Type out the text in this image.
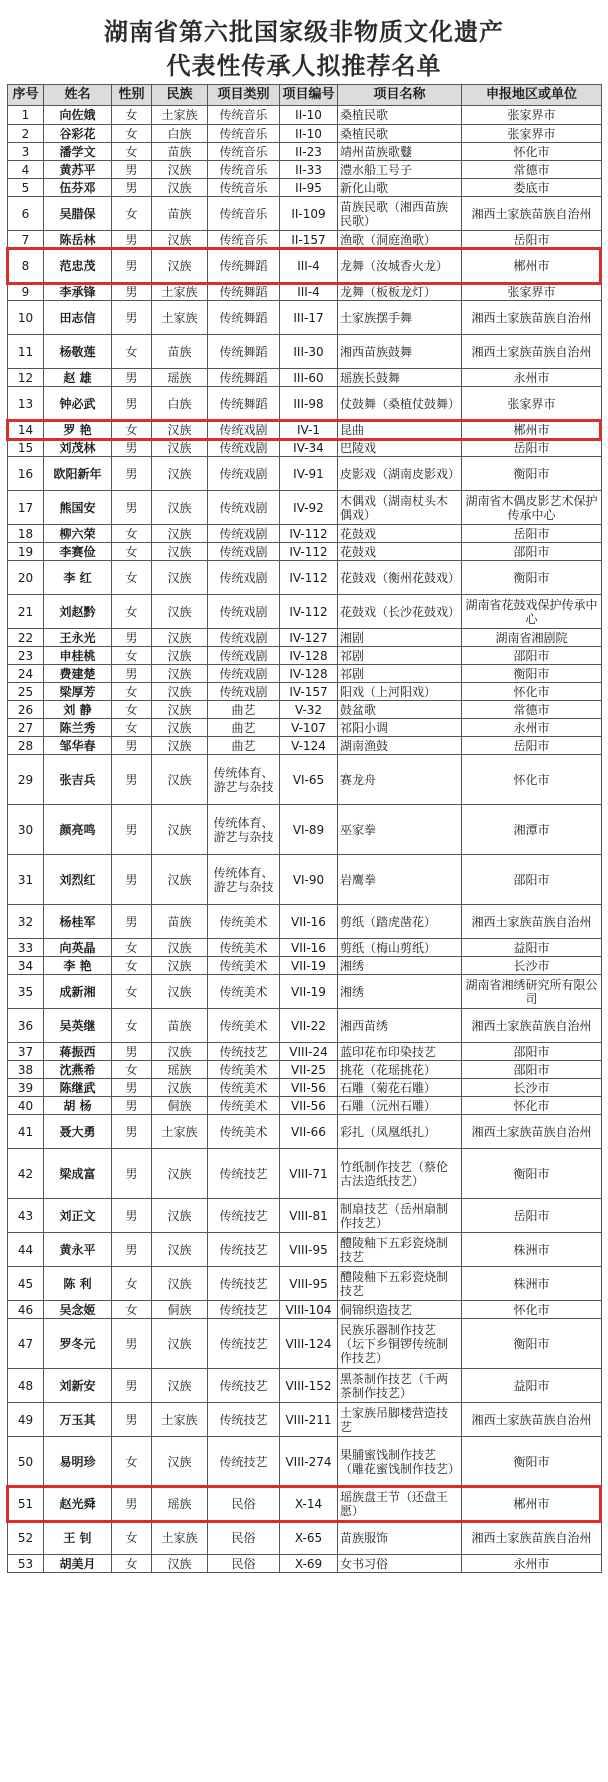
湖南省第六批国家级非物质文化遗产
代表性传承人拟推荐名单
序号	姓名	性别	民族	项目类别	项目编号	项目名称	申报地区或单位
1	向佐娥	女	土家族	传统音乐	II-10	桑植民歌	张家界市
2	谷彩花	女	白族	传统音乐	II-10	桑植民歌	张家界市
3	潘学文	女	苗族	传统音乐	II-23	靖州苗族歌鼟	怀化市
4	黄苏平	男	汉族	传统音乐	II-33	澧水船工号子	常德市
5	伍芬邓	男	汉族	传统音乐	II-95	新化山歌	娄底市
6	吴腊保	女	苗族	传统音乐	II-109	苗族民歌（湘西苗族民歌）	湘西土家族苗族自治州
7	陈岳林	男	汉族	传统音乐	II-157	渔歌（洞庭渔歌）	岳阳市
8	范忠茂	男	汉族	传统舞蹈	III-4	龙舞（汝城香火龙）	郴州市
9	李承锋	男	土家族	传统舞蹈	III-4	龙舞（板板龙灯）	张家界市
10	田志信	男	土家族	传统舞蹈	III-17	土家族摆手舞	湘西土家族苗族自治州
11	杨敬莲	女	苗族	传统舞蹈	III-30	湘西苗族鼓舞	湘西土家族苗族自治州
12	赵 雄	男	瑶族	传统舞蹈	III-60	瑶族长鼓舞	永州市
13	钟必武	男	白族	传统舞蹈	III-98	仗鼓舞（桑植仗鼓舞）	张家界市
14	罗 艳	女	汉族	传统戏剧	IV-1	昆曲	郴州市
15	刘茂林	男	汉族	传统戏剧	IV-34	巴陵戏	岳阳市
16	欧阳新年	男	汉族	传统戏剧	IV-91	皮影戏（湖南皮影戏）	衡阳市
17	熊国安	男	汉族	传统戏剧	IV-92	木偶戏（湖南杖头木偶戏）	湖南省木偶皮影艺术保护传承中心
18	柳六荣	女	汉族	传统戏剧	IV-112	花鼓戏	岳阳市
19	李赛俭	女	汉族	传统戏剧	IV-112	花鼓戏	邵阳市
20	李 红	女	汉族	传统戏剧	IV-112	花鼓戏（衡州花鼓戏）	衡阳市
21	刘赵黔	女	汉族	传统戏剧	IV-112	花鼓戏（长沙花鼓戏）	湖南省花鼓戏保护传承中心
22	王永光	男	汉族	传统戏剧	IV-127	湘剧	湖南省湘剧院
23	申桂桃	女	汉族	传统戏剧	IV-128	祁剧	邵阳市
24	费建楚	男	汉族	传统戏剧	IV-128	祁剧	衡阳市
25	梁厚芳	女	汉族	传统戏剧	IV-157	阳戏（上河阳戏）	怀化市
26	刘 静	女	汉族	曲艺	V-32	鼓盆歌	常德市
27	陈兰秀	女	汉族	曲艺	V-107	祁阳小调	永州市
28	邹华春	男	汉族	曲艺	V-124	湖南渔鼓	岳阳市
29	张吉兵	男	汉族	传统体育、游艺与杂技	VI-65	赛龙舟	怀化市
30	颜亮鸣	男	汉族	传统体育、游艺与杂技	VI-89	巫家拳	湘潭市
31	刘烈红	男	汉族	传统体育、游艺与杂技	VI-90	岩鹰拳	邵阳市
32	杨桂军	男	苗族	传统美术	VII-16	剪纸（踏虎凿花）	湘西土家族苗族自治州
33	向英晶	女	汉族	传统美术	VII-16	剪纸（梅山剪纸）	益阳市
34	李 艳	女	汉族	传统美术	VII-19	湘绣	长沙市
35	成新湘	女	汉族	传统美术	VII-19	湘绣	湖南省湘绣研究所有限公司
36	吴英继	女	苗族	传统美术	VII-22	湘西苗绣	湘西土家族苗族自治州
37	蒋振西	男	汉族	传统技艺	VIII-24	蓝印花布印染技艺	邵阳市
38	沈燕希	女	瑶族	传统美术	VII-25	挑花（花瑶挑花）	邵阳市
39	陈继武	男	汉族	传统美术	VII-56	石雕（菊花石雕）	长沙市
40	胡 杨	男	侗族	传统美术	VII-56	石雕（沅州石雕）	怀化市
41	聂大勇	男	土家族	传统美术	VII-66	彩扎（凤凰纸扎）	湘西土家族苗族自治州
42	梁成富	男	汉族	传统技艺	VIII-71	竹纸制作技艺（蔡伦古法造纸技艺）	衡阳市
43	刘正文	男	汉族	传统技艺	VIII-81	制扇技艺（岳州扇制作技艺）	岳阳市
44	黄永平	男	汉族	传统技艺	VIII-95	醴陵釉下五彩瓷烧制技艺	株洲市
45	陈 利	女	汉族	传统技艺	VIII-95	醴陵釉下五彩瓷烧制技艺	株洲市
46	吴念姬	女	侗族	传统技艺	VIII-104	侗锦织造技艺	怀化市
47	罗冬元	男	汉族	传统技艺	VIII-124	民族乐器制作技艺（坛下乡铜锣传统制作技艺）	衡阳市
48	刘新安	男	汉族	传统技艺	VIII-152	黑茶制作技艺（千两茶制作技艺）	益阳市
49	万玉其	男	土家族	传统技艺	VIII-211	土家族吊脚楼营造技艺	湘西土家族苗族自治州
50	易明珍	女	汉族	传统技艺	VIII-274	果脯蜜饯制作技艺（雕花蜜饯制作技艺）	衡阳市
51	赵光舜	男	瑶族	民俗	X-14	瑶族盘王节（还盘王愿）	郴州市
52	王 钊	女	土家族	民俗	X-65	苗族服饰	湘西土家族苗族自治州
53	胡美月	女	汉族	民俗	X-69	女书习俗	永州市
